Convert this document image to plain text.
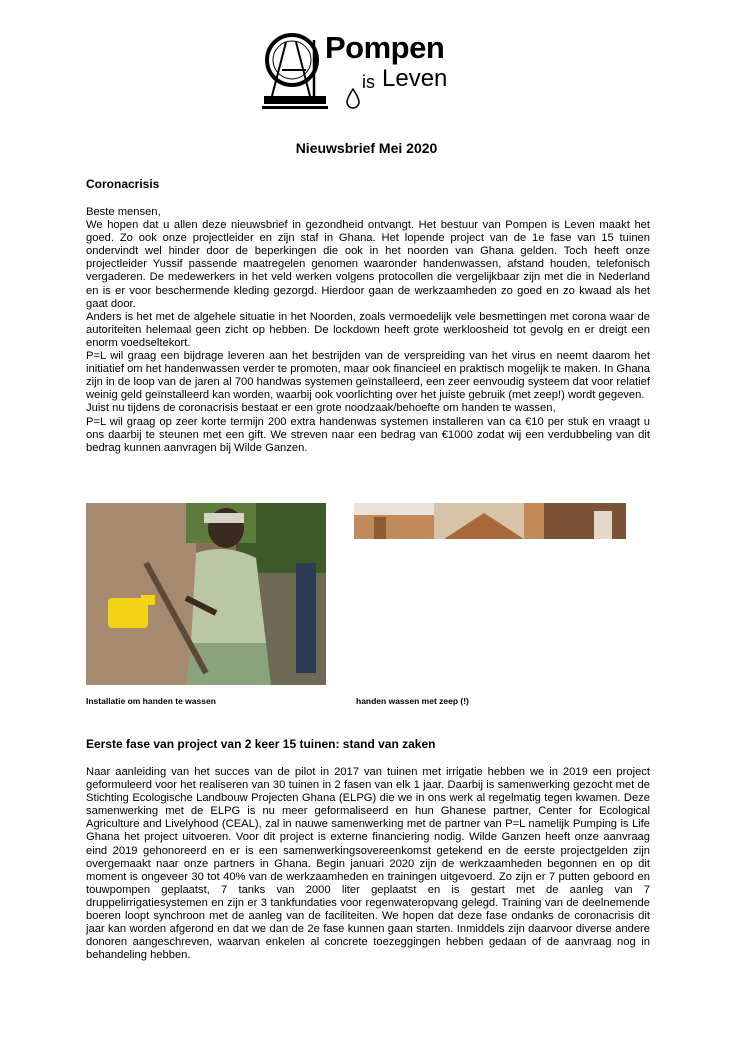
Pompen
is Leven
Nieuwsbrief Mei 2020
Coronacrisis

Beste mensen,

We hopen dat u allen deze nieuwsbrief in gezondheid ontvangt. Het bestuur van Pompen is Leven maakt het goed. Zo ook onze projectleider en zijn staf in Ghana. Het lopende project van de 1e fase van 15 tuinen ondervindt wel hinder door de beperkingen die ook in het noorden van Ghana gelden. Toch heeft onze projectleider Yussif passende maatregelen genomen waaronder handenwassen, afstand houden, telefonisch vergaderen. De medewerkers in het veld werken volgens protocollen die vergelijkbaar zijn met die in Nederland en is er voor beschermende kleding gezorgd. Hierdoor gaan de werkzaamheden zo goed en zo kwaad als het gaat door.

Anders is het met de algehele situatie in het Noorden, zoals vermoedelijk vele besmettingen met corona waar de autoriteiten helemaal geen zicht op hebben. De lockdown heeft grote werkloosheid tot gevolg en er dreigt een enorm voedseltekort.

P=L wil graag een bijdrage leveren aan het bestrijden van de verspreiding van het virus en neemt daarom het initiatief om het handenwassen verder te promoten, maar ook financieel en praktisch mogelijk te maken. In Ghana zijn in de loop van de jaren al 700 handwas systemen geïnstalleerd, een zeer eenvoudig systeem dat voor relatief weinig geld geïnstalleerd kan worden, waarbij ook voorlichting over het juiste gebruik (met zeep!) wordt gegeven.

Juist nu tijdens de coronacrisis bestaat er een grote noodzaak/behoefte om handen te wassen,

P=L wil graag op zeer korte termijn 200 extra handenwas systemen installeren van ca €10 per stuk en vraagt u ons daarbij te steunen met een gift. We streven naar een bedrag van €1000 zodat wij een verdubbeling van dit bedrag kunnen aanvragen bij Wilde Ganzen.

Installatie om handen te wassen	handen wassen met zeep (!)
Eerste fase van project van 2 keer 15 tuinen: stand van zaken

Naar aanleiding van het succes van de pilot in 2017 van tuinen met irrigatie hebben we in 2019 een project geformuleerd voor het realiseren van 30 tuinen in 2 fasen van elk 1 jaar. Daarbij is samenwerking gezocht met de Stichting Ecologische Landbouw Projecten Ghana (ELPG) die we in ons werk al regelmatig tegen kwamen. Deze samenwerking met de ELPG is nu meer geformaliseerd en hun Ghanese partner, Center for Ecological Agriculture and Livelyhood (CEAL), zal in nauwe samenwerking met de partner van P=L namelijk Pumping is Life Ghana het project uitvoeren. Voor dit project is externe financiering nodig. Wilde Ganzen heeft onze aanvraag eind 2019 gehonoreerd en er is een samenwerkingsovereenkomst getekend en de eerste projectgelden zijn overgemaakt naar onze partners in Ghana. Begin januari 2020 zijn de werkzaamheden begonnen en op dit moment is ongeveer 30 tot 40% van de werkzaamheden en trainingen uitgevoerd. Zo zijn er 7 putten geboord en touwpompen geplaatst, 7 tanks van 2000 liter geplaatst en is gestart met de aanleg van 7 druppelirrigatiesystemen en zijn er 3 tankfundaties voor regenwateropvang gelegd. Training van de deelnemende boeren loopt synchroon met de aanleg van de faciliteiten. We hopen dat deze fase ondanks de coronacrisis dit jaar kan worden afgerond en dat we dan de 2e fase kunnen gaan starten. Inmiddels zijn daarvoor diverse andere donoren aangeschreven, waarvan enkelen al concrete toezeggingen hebben gedaan of de aanvraag nog in behandeling hebben.
